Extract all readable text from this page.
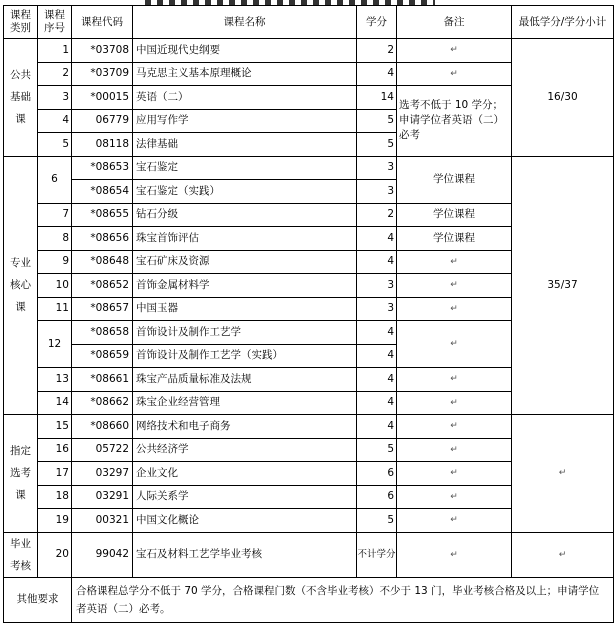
课程类别	课程序号	课程代码	课程名称	学分	备注	最低学分/学分小计
公共基础课	1	*03708	中国近现代史纲要	2	↵	16/30
	2	*03709	马克思主义基本原理概论	4	↵	
	3	*00015	英语（二）	14	选考不低于 10 学分；申请学位者英语（二）必考	
	4	06779	应用写作学	5		
	5	08118	法律基础	5		
专业核心课	6	*08653	宝石鉴定	3	学位课程	35/37
		*08654	宝石鉴定（实践）	3		
	7	*08655	钻石分级	2	学位课程	
	8	*08656	珠宝首饰评估	4	学位课程	
	9	*08648	宝石矿床及资源	4	↵	
	10	*08652	首饰金属材料学	3	↵	
	11	*08657	中国玉器	3	↵	
	12	*08658	首饰设计及制作工艺学	4	↵	
		*08659	首饰设计及制作工艺学（实践）	4		
	13	*08661	珠宝产品质量标准及法规	4	↵	
	14	*08662	珠宝企业经营管理	4	↵	
指定选考课	15	*08660	网络技术和电子商务	4	↵	↵
	16	05722	公共经济学	5	↵	
	17	03297	企业文化	6	↵	
	18	03291	人际关系学	6	↵	
	19	00321	中国文化概论	5	↵	
毕业考核	20	99042	宝石及材料工艺学毕业考核	不计学分	↵	↵
其他要求		合格课程总学分不低于 70 学分，合格课程门数（不含毕业考核）不少于 13 门，毕业考核合格及以上；申请学位者英语（二）必考。				
